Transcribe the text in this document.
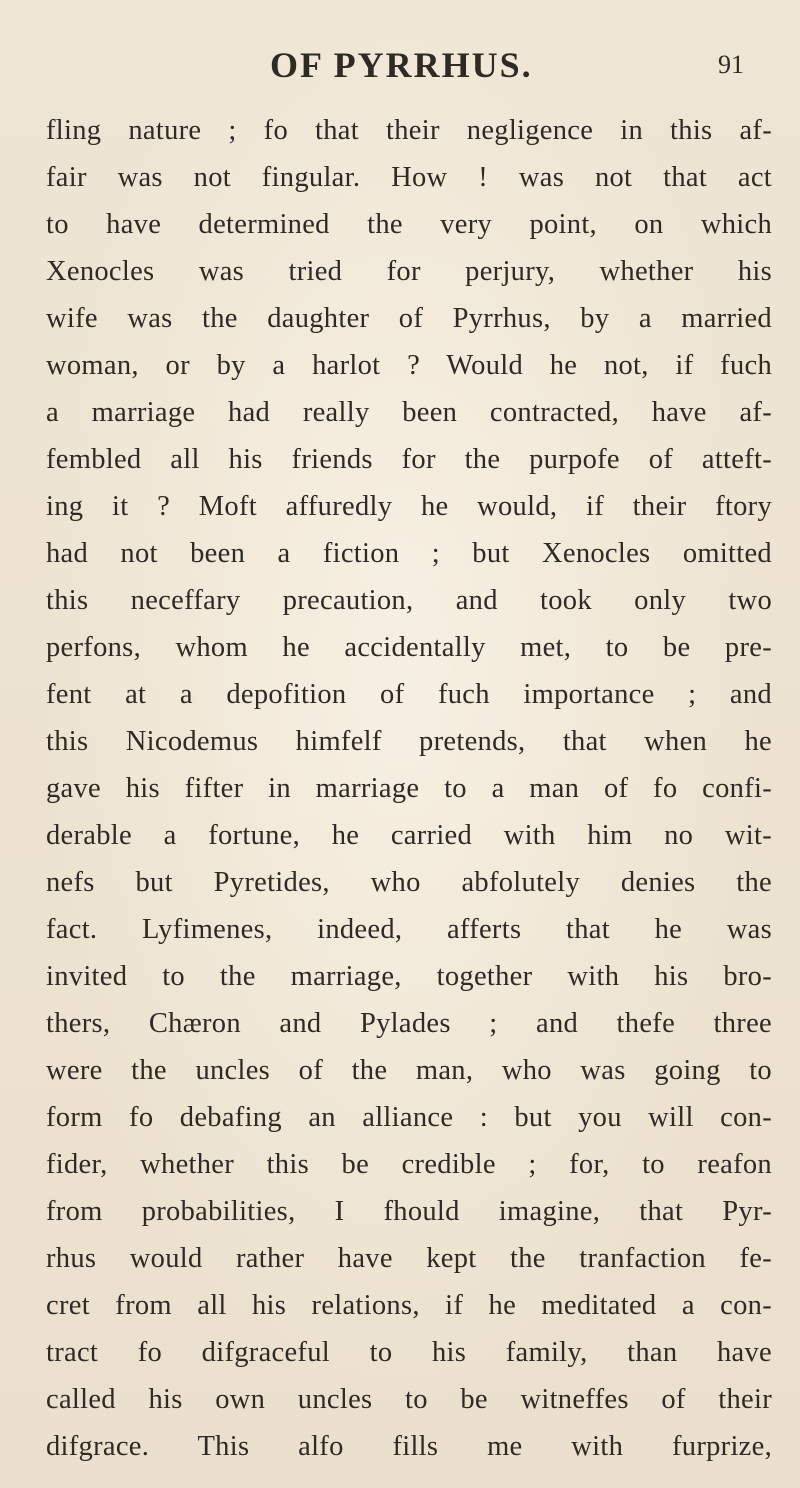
OF PYRRHUS.	91
fling nature ; fo that their negligence in this af-
fair was not fingular. How ! was not that act
to have determined the very point, on which
Xenocles was tried for perjury, whether his
wife was the daughter of Pyrrhus, by a married
woman, or by a harlot ? Would he not, if fuch
a marriage had really been contracted, have af-
fembled all his friends for the purpofe of atteft-
ing it ? Moft affuredly he would, if their ftory
had not been a fiction ; but Xenocles omitted
this neceffary precaution, and took only two
perfons, whom he accidentally met, to be pre-
fent at a depofition of fuch importance ; and
this Nicodemus himfelf pretends, that when he
gave his fifter in marriage to a man of fo confi-
derable a fortune, he carried with him no wit-
nefs but Pyretides, who abfolutely denies the
fact. Lyfimenes, indeed, afferts that he was
invited to the marriage, together with his bro-
thers, Chæron and Pylades ; and thefe three
were the uncles of the man, who was going to
form fo debafing an alliance : but you will con-
fider, whether this be credible ; for, to reafon
from probabilities, I fhould imagine, that Pyr-
rhus would rather have kept the tranfaction fe-
cret from all his relations, if he meditated a con-
tract fo difgraceful to his family, than have
called his own uncles to be witneffes of their
difgrace. This alfo fills me with furprize,
